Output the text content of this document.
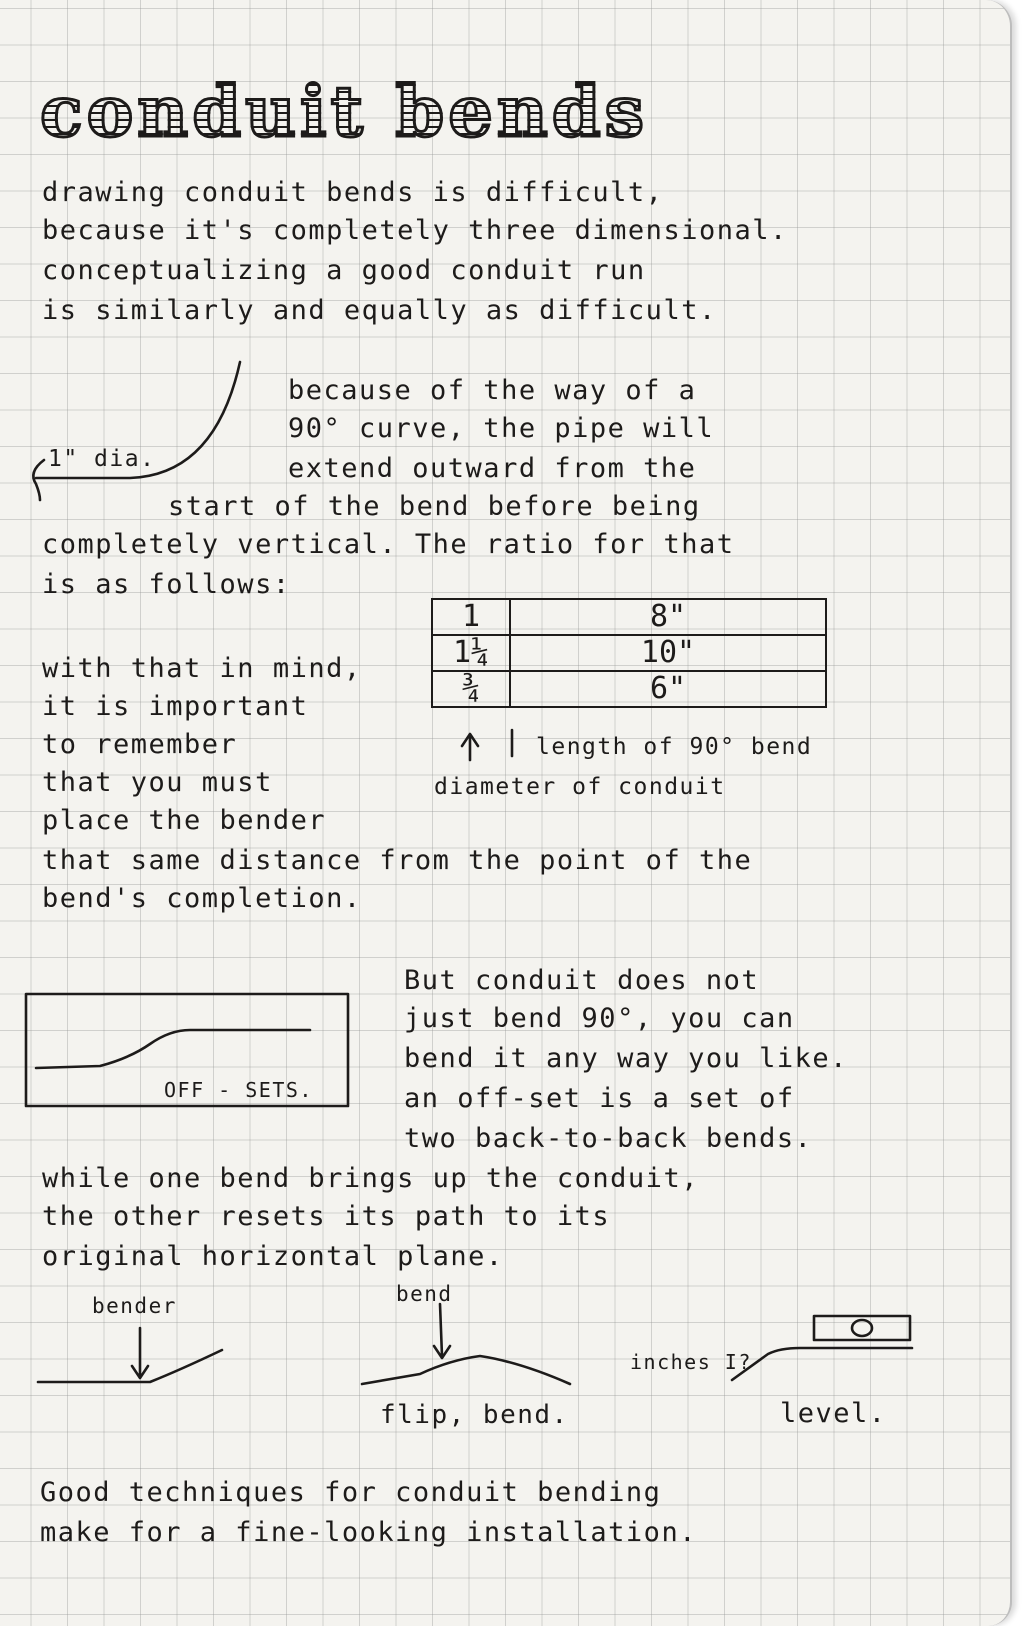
conduit bends
drawing conduit bends is difficult,
because it's completely three dimensional.
conceptualizing a good conduit run
is similarly and equally as difficult.
1" dia.
because of the way of a
90° curve, the pipe will
extend outward from the
start of the bend before being
completely vertical. The ratio for that
is as follows:
1	8"
1¼	10"
¾	6"
length of 90° bend
diameter of conduit
with that in mind,
it is important
to remember
that you must
place the bender
that same distance from the point of the
bend's completion.
OFF - SETS.
But conduit does not
just bend 90°, you can
bend it any way you like.
an off-set is a set of
two back-to-back bends.
while one bend brings up the conduit,
the other resets its path to its
original horizontal plane.
bender	bend
flip, bend.
inches I?
level.
Good techniques for conduit bending
make for a fine-looking installation.
